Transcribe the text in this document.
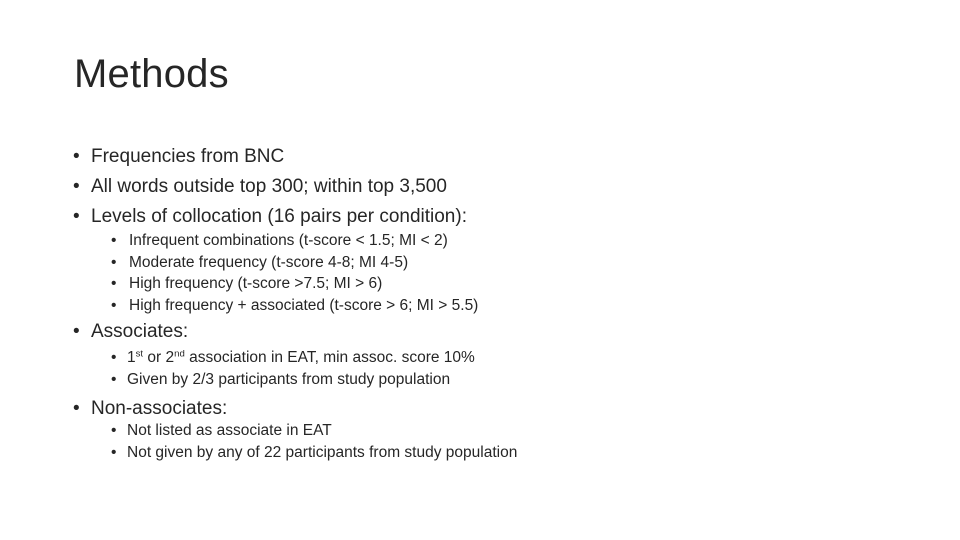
Methods
• Frequencies from BNC
• All words outside top 300; within top 3,500
• Levels of collocation (16 pairs per condition):
• Infrequent combinations (t-score < 1.5; MI < 2)
• Moderate frequency (t-score 4-8; MI 4-5)
• High frequency (t-score >7.5; MI > 6)
• High frequency + associated (t-score > 6; MI > 5.5)
• Associates:
• 1st or 2nd association in EAT, min assoc. score 10%
• Given by 2/3 participants from study population
• Non-associates:
• Not listed as associate in EAT
• Not given by any of 22 participants from study population
